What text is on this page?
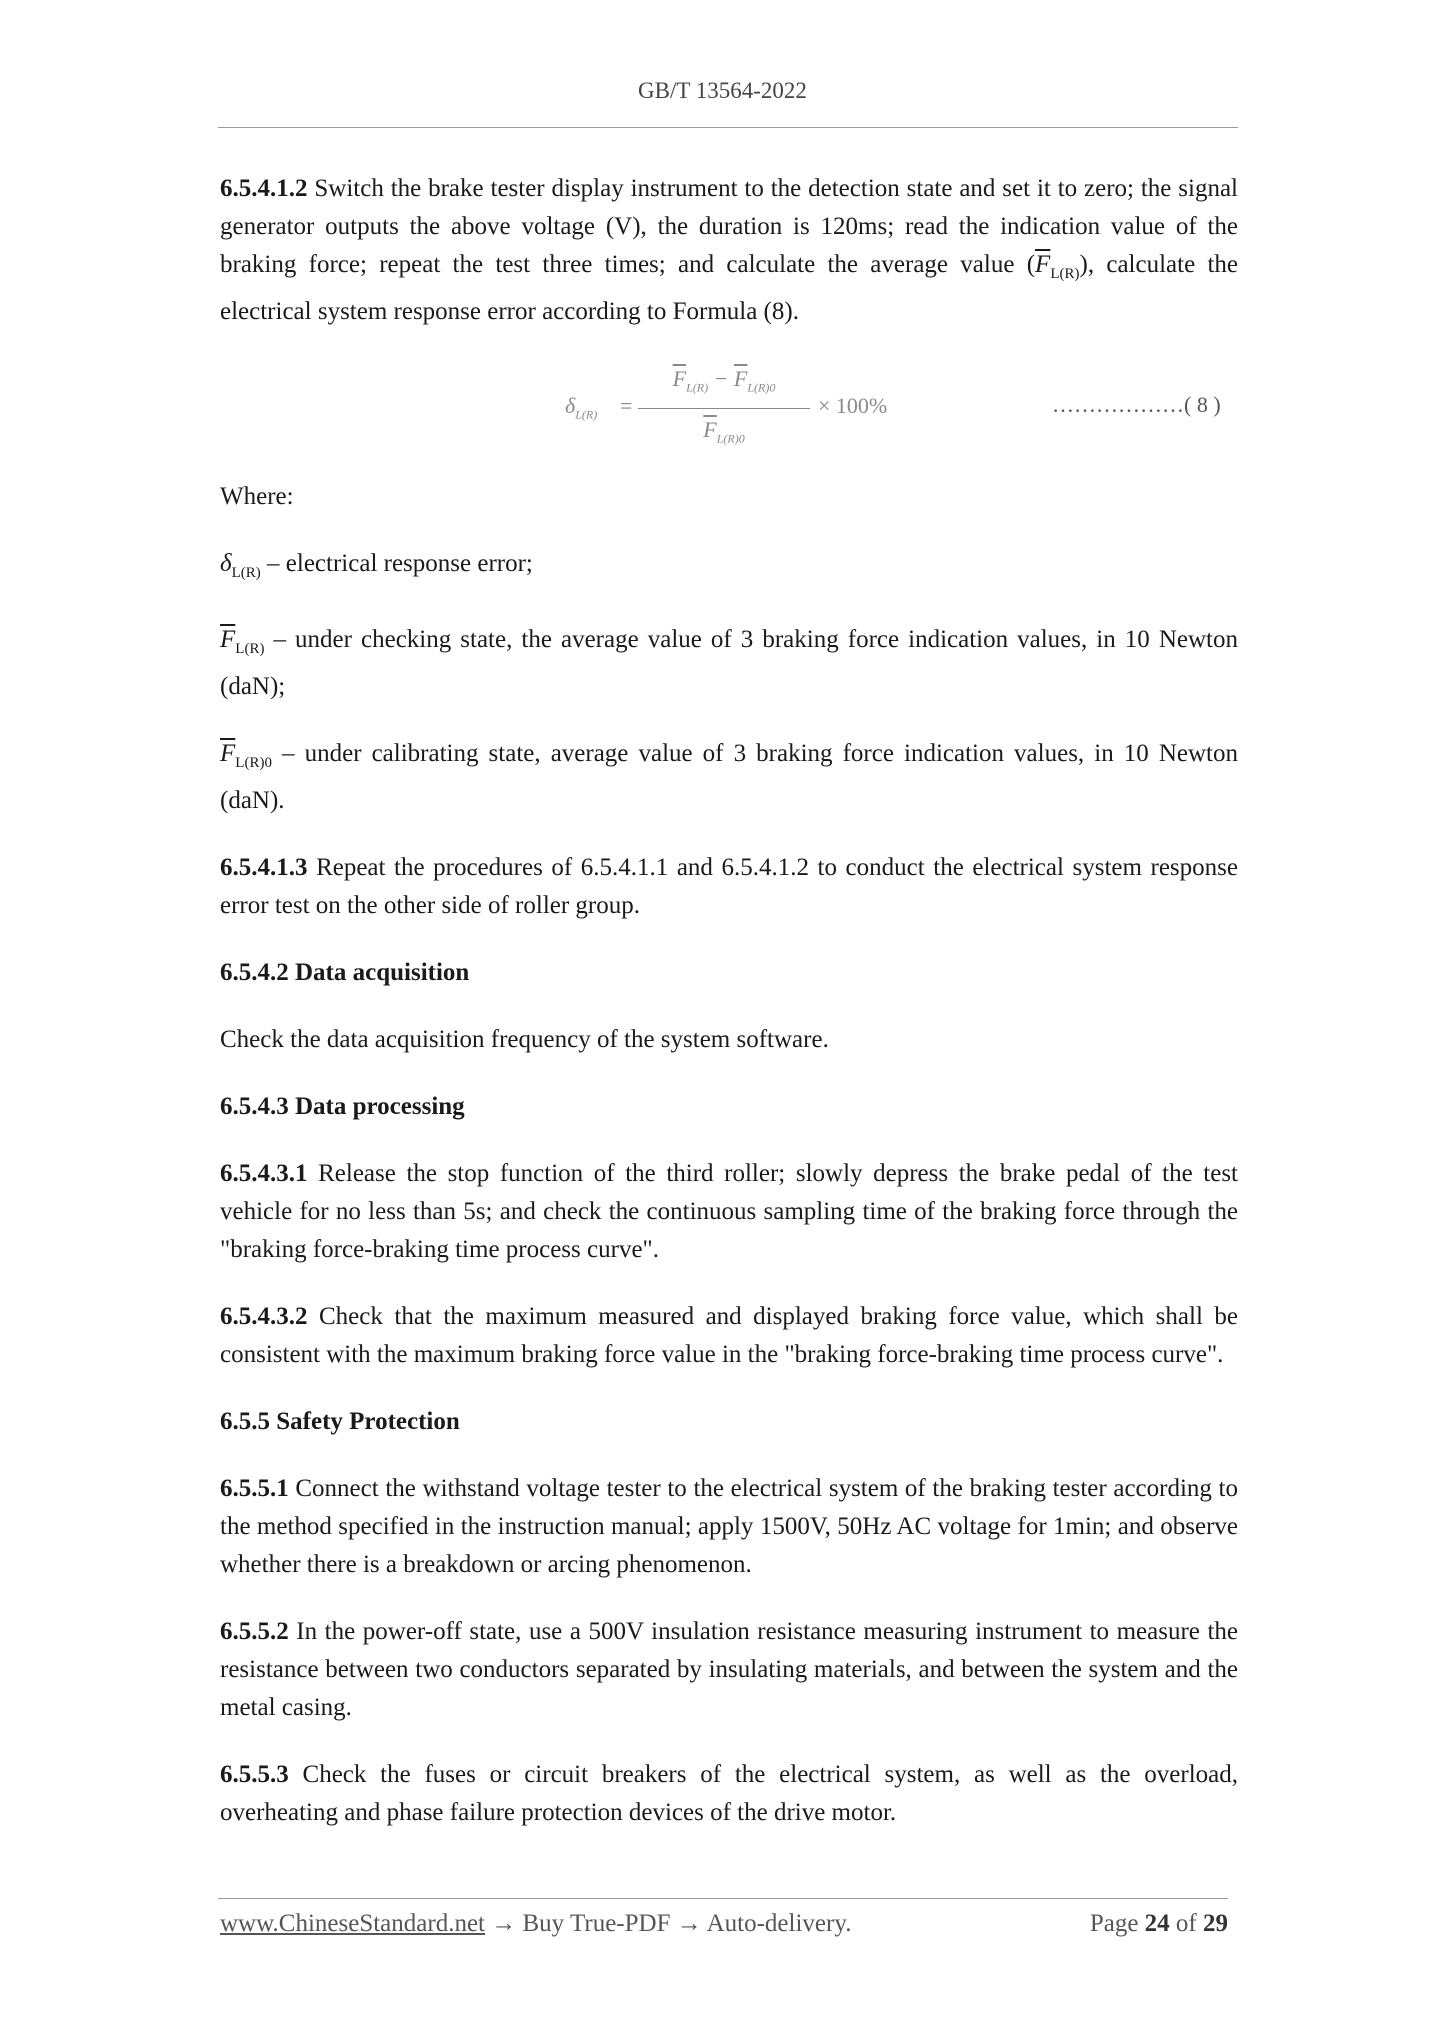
GB/T 13564-2022

6.5.4.1.2 Switch the brake tester display instrument to the detection state and set it to zero; the signal generator outputs the above voltage (V), the duration is 120ms; read the indication value of the braking force; repeat the test three times; and calculate the average value $(\overline{F}_{L(R)})$, calculate the electrical system response error according to Formula (8).

$\delta_{L(R)}$ =
$\overline{F}_{L(R)} - \overline{F}_{L(R)0}$
$\overline{F}_{L(R)0}$
× 100%	………………( 8 )

Where:

$\delta_{L(R)}$ – electrical response error;

$\overline{F}_{L(R)}$ – under checking state, the average value of 3 braking force indication values, in 10 Newton (daN);

$\overline{F}_{L(R)0}$ – under calibrating state, average value of 3 braking force indication values, in 10 Newton (daN).

6.5.4.1.3 Repeat the procedures of 6.5.4.1.1 and 6.5.4.1.2 to conduct the electrical system response error test on the other side of roller group.

6.5.4.2 Data acquisition

Check the data acquisition frequency of the system software.

6.5.4.3 Data processing

6.5.4.3.1 Release the stop function of the third roller; slowly depress the brake pedal of the test vehicle for no less than 5s; and check the continuous sampling time of the braking force through the "braking force-braking time process curve".

6.5.4.3.2 Check that the maximum measured and displayed braking force value, which shall be consistent with the maximum braking force value in the "braking force-braking time process curve".

6.5.5 Safety Protection

6.5.5.1 Connect the withstand voltage tester to the electrical system of the braking tester according to the method specified in the instruction manual; apply 1500V, 50Hz AC voltage for 1min; and observe whether there is a breakdown or arcing phenomenon.

6.5.5.2 In the power-off state, use a 500V insulation resistance measuring instrument to measure the resistance between two conductors separated by insulating materials, and between the system and the metal casing.

6.5.5.3 Check the fuses or circuit breakers of the electrical system, as well as the overload, overheating and phase failure protection devices of the drive motor.

www.ChineseStandard.net → Buy True-PDF → Auto-delivery.	Page 24 of 29
